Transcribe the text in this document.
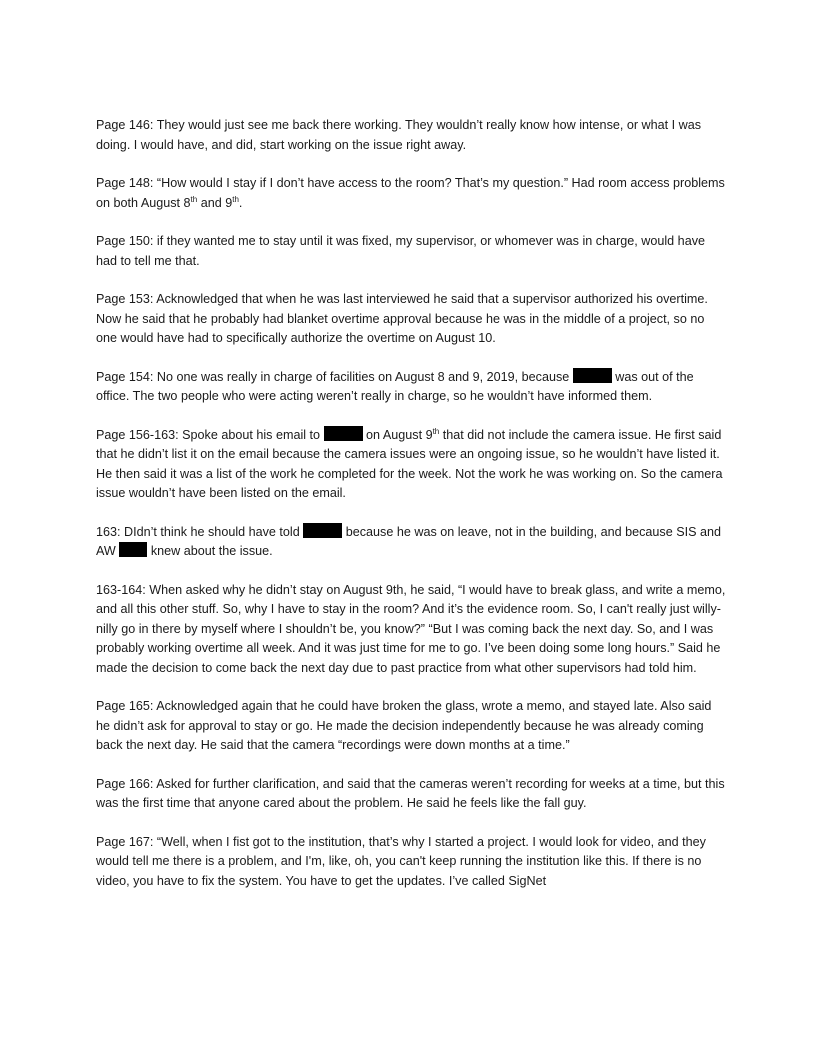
Page 146: They would just see me back there working. They wouldn’t really know how intense, or what I was doing. I would have, and did, start working on the issue right away.

Page 148: “How would I stay if I don’t have access to the room? That’s my question.” Had room access problems on both August 8th and 9th.

Page 150: if they wanted me to stay until it was fixed, my supervisor, or whomever was in charge, would have had to tell me that.

Page 153: Acknowledged that when he was last interviewed he said that a supervisor authorized his overtime. Now he said that he probably had blanket overtime approval because he was in the middle of a project, so no one would have had to specifically authorize the overtime on August 10.

Page 154: No one was really in charge of facilities on August 8 and 9, 2019, because	was out of the office. The two people who were acting weren’t really in charge, so he wouldn’t have informed them.

Page 156-163: Spoke about his email to	on August 9th that did not include the camera issue. He first said that he didn’t list it on the email because the camera issues were an ongoing issue, so he wouldn’t have listed it. He then said it was a list of the work he completed for the week. Not the work he was working on. So the camera issue wouldn’t have been listed on the email.

163: DIdn’t think he should have told	because he was on leave, not in the building, and because SIS and AW  knew about the issue.

163-164: When asked why he didn’t stay on August 9th, he said, “I would have to break glass, and write a memo, and all this other stuff. So, why I have to stay in the room? And it’s the evidence room. So, I can't really just willy-nilly go in there by myself where I shouldn’t be, you know?” “But I was coming back the next day. So, and I was probably working overtime all week. And it was just time for me to go. I’ve been doing some long hours.” Said he made the decision to come back the next day due to past practice from what other supervisors had told him.

Page 165: Acknowledged again that he could have broken the glass, wrote a memo, and stayed late. Also said he didn’t ask for approval to stay or go. He made the decision independently because he was already coming back the next day. He said that the camera “recordings were down months at a time.”

Page 166: Asked for further clarification, and said that the cameras weren’t recording for weeks at a time, but this was the first time that anyone cared about the problem. He said he feels like the fall guy.

Page 167: “Well, when I fist got to the institution, that’s why I started a project. I would look for video, and they would tell me there is a problem, and I'm, like, oh, you can't keep running the institution like this. If there is no video, you have to fix the system. You have to get the updates. I’ve called SigNet
